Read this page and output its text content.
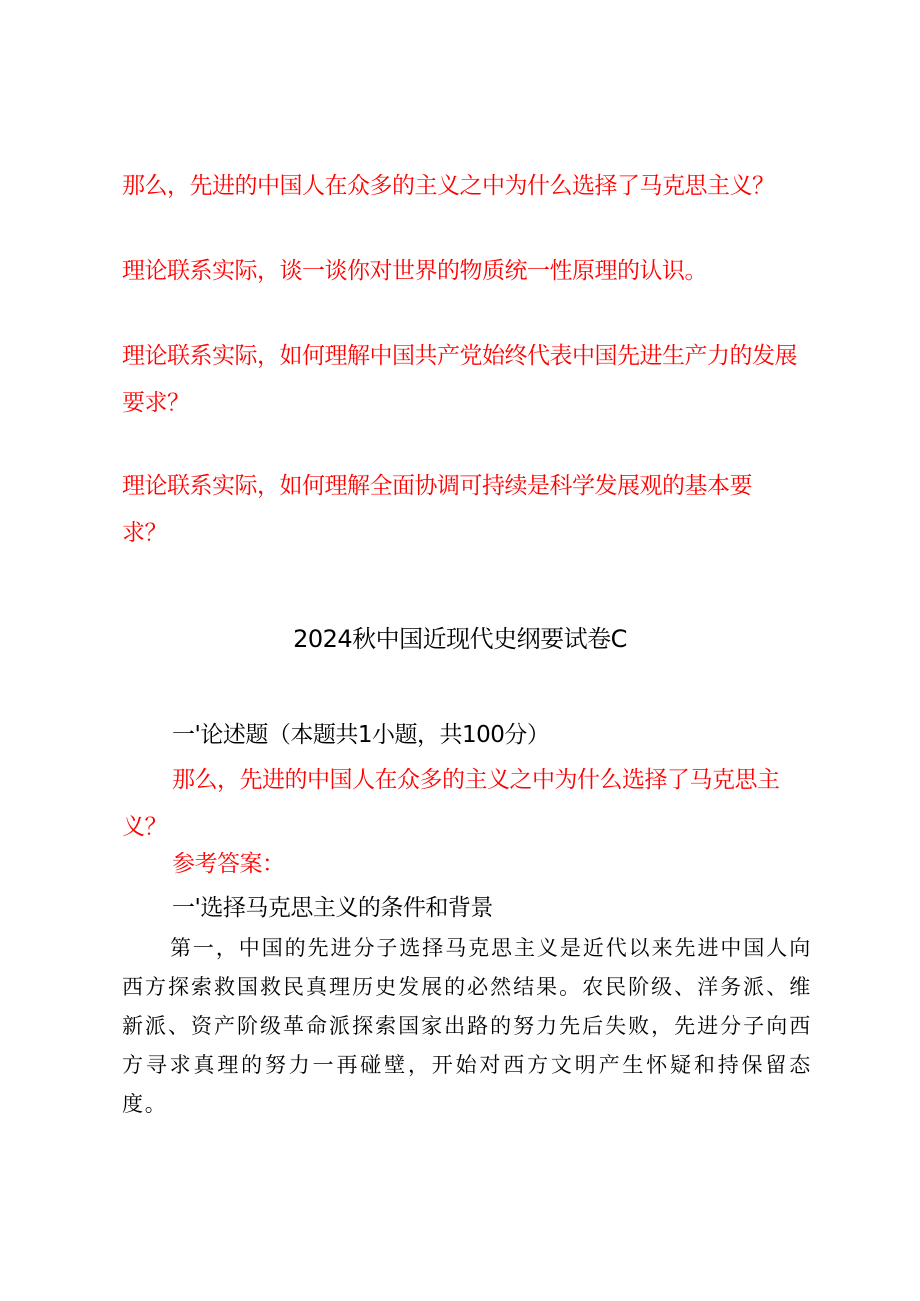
那么，先进的中国人在众多的主义之中为什么选择了马克思主义？
理论联系实际，谈一谈你对世界的物质统一性原理的认识。
理论联系实际，如何理解中国共产党始终代表中国先进生产力的发展要求？
理论联系实际，如何理解全面协调可持续是科学发展观的基本要求？
2024秋中国近现代史纲要试卷C
一'论述题（本题共1小题，共100分）
那么，先进的中国人在众多的主义之中为什么选择了马克思主义？
参考答案：
一'选择马克思主义的条件和背景
第一，中国的先进分子选择马克思主义是近代以来先进中国人向西方探索救国救民真理历史发展的必然结果。农民阶级、洋务派、维新派、资产阶级革命派探索国家出路的努力先后失败，先进分子向西方寻求真理的努力一再碰壁，开始对西方文明产生怀疑和持保留态度。
